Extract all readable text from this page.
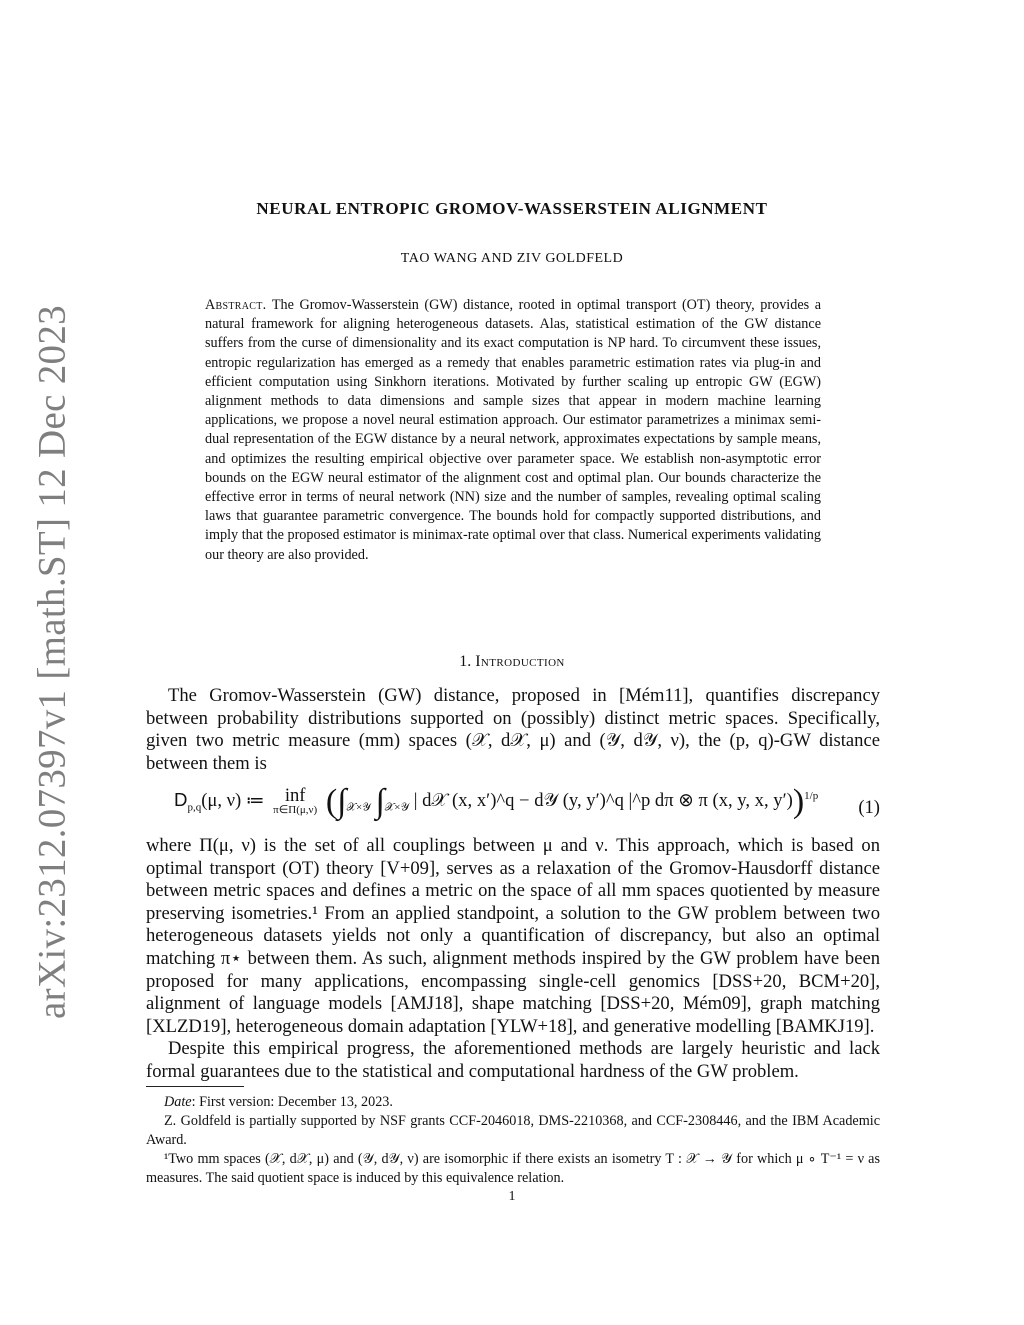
arXiv:2312.07397v1 [math.ST] 12 Dec 2023
NEURAL ENTROPIC GROMOV-WASSERSTEIN ALIGNMENT
TAO WANG AND ZIV GOLDFELD

Abstract. The Gromov-Wasserstein (GW) distance, rooted in optimal transport (OT) theory, provides a natural framework for aligning heterogeneous datasets. Alas, statistical estimation of the GW distance suffers from the curse of dimensionality and its exact computation is NP hard. To circumvent these issues, entropic regularization has emerged as a remedy that enables parametric estimation rates via plug-in and efficient computation using Sinkhorn iterations. Motivated by further scaling up entropic GW (EGW) alignment methods to data dimensions and sample sizes that appear in modern machine learning applications, we propose a novel neural estimation approach. Our estimator parametrizes a minimax semi-dual representation of the EGW distance by a neural network, approximates expectations by sample means, and optimizes the resulting empirical objective over parameter space. We establish non-asymptotic error bounds on the EGW neural estimator of the alignment cost and optimal plan. Our bounds characterize the effective error in terms of neural network (NN) size and the number of samples, revealing optimal scaling laws that guarantee parametric convergence. The bounds hold for compactly supported distributions, and imply that the proposed estimator is minimax-rate optimal over that class. Numerical experiments validating our theory are also provided.

1. Introduction

The Gromov-Wasserstein (GW) distance, proposed in [Mém11], quantifies discrepancy between probability distributions supported on (possibly) distinct metric spaces. Specifically, given two metric measure (mm) spaces (𝒳, d𝒳, μ) and (𝒴, d𝒴, ν), the (p, q)-GW distance between them is

$D_{p,q}(\mu$, ν) ≔	inf
π∈Π(μ,ν) ($\int_{𝒳\times 𝒴}$ $\int_{𝒳\times 𝒴}$ | d𝒳 (x, x′)^q − d𝒴 (y, y′)^q |^p dπ ⊗ π (x, y, x, y′))$^{1/p}$
(1)

where Π(μ, ν) is the set of all couplings between μ and ν. This approach, which is based on optimal transport (OT) theory [V+09], serves as a relaxation of the Gromov-Hausdorff distance between metric spaces and defines a metric on the space of all mm spaces quotiented by measure preserving isometries.¹ From an applied standpoint, a solution to the GW problem between two heterogeneous datasets yields not only a quantification of discrepancy, but also an optimal matching π⋆ between them. As such, alignment methods inspired by the GW problem have been proposed for many applications, encompassing single-cell genomics [DSS+20, BCM+20], alignment of language models [AMJ18], shape matching [DSS+20, Mém09], graph matching [XLZD19], heterogeneous domain adaptation [YLW+18], and generative modelling [BAMKJ19].

Despite this empirical progress, the aforementioned methods are largely heuristic and lack formal guarantees due to the statistical and computational hardness of the GW problem.

Date: First version: December 13, 2023.

Z. Goldfeld is partially supported by NSF grants CCF-2046018, DMS-2210368, and CCF-2308446, and the IBM Academic Award.

¹Two mm spaces (𝒳, d𝒳, μ) and (𝒴, d𝒴, ν) are isomorphic if there exists an isometry T : 𝒳 → 𝒴 for which μ ∘ T⁻¹ = ν as measures. The said quotient space is induced by this equivalence relation.

1
